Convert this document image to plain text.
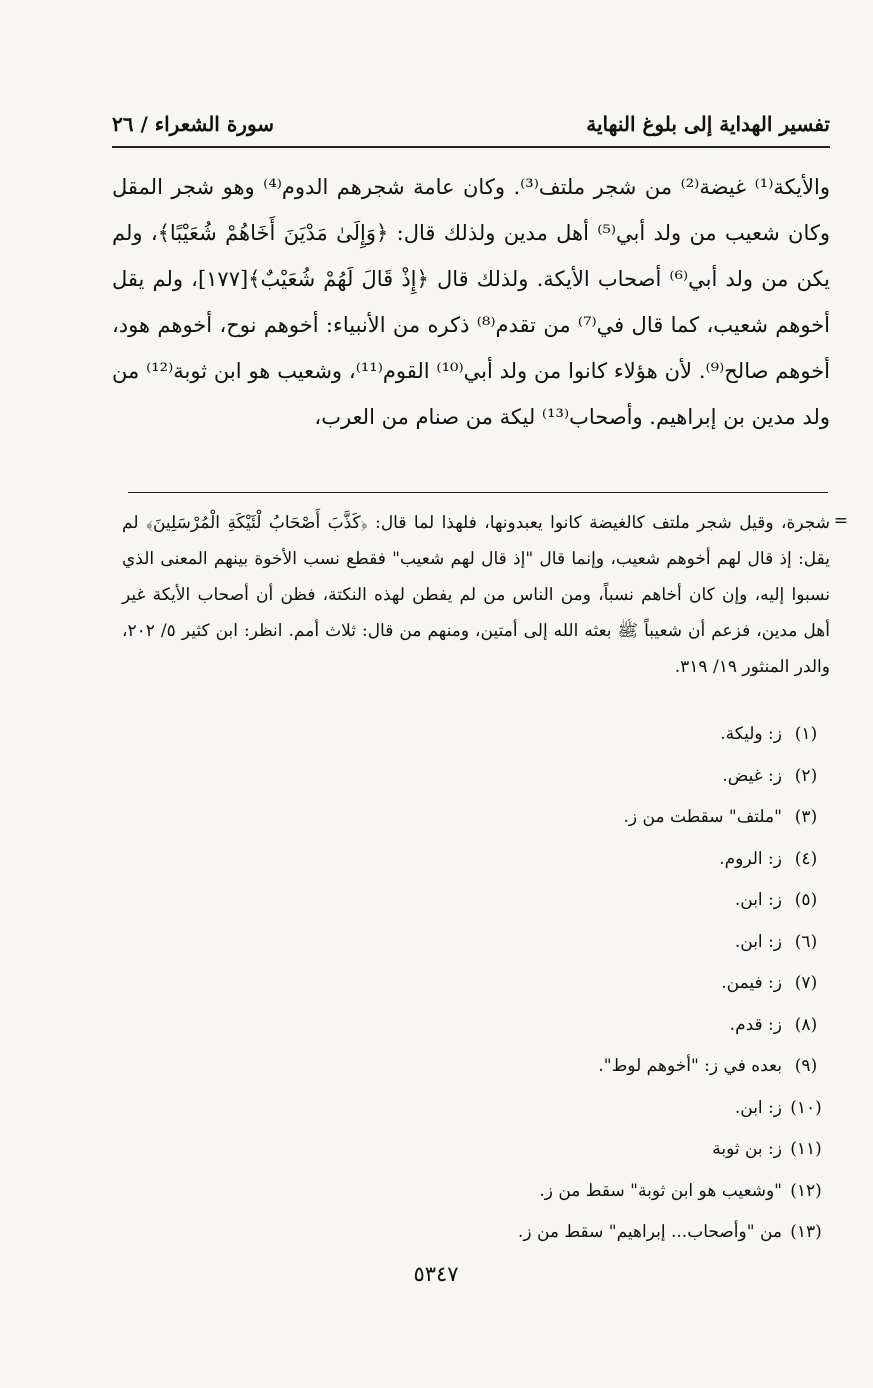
تفسير الهداية إلى بلوغ النهاية
سورة الشعراء / ٢٦

والأيكة⁽¹⁾ غيضة⁽²⁾ من شجر ملتف⁽³⁾. وكان عامة شجرهم الدوم⁽⁴⁾ وهو شجر المقل وكان شعيب من ولد أبي⁽⁵⁾ أهل مدين ولذلك قال: ﴿وَإِلَىٰ مَدْيَنَ أَخَاهُمْ شُعَيْبًا﴾، ولم يكن من ولد أبي⁽⁶⁾ أصحاب الأيكة. ولذلك قال ﴿إِذْ قَالَ لَهُمْ شُعَيْبٌ﴾[١٧٧]، ولم يقل أخوهم شعيب، كما قال في⁽⁷⁾ من تقدم⁽⁸⁾ ذكره من الأنبياء: أخوهم نوح، أخوهم هود، أخوهم صالح⁽⁹⁾. لأن هؤلاء كانوا من ولد أبي⁽¹⁰⁾ القوم⁽¹¹⁾، وشعيب هو ابن ثوبة⁽¹²⁾ من ولد مدين بن إبراهيم. وأصحاب⁽¹³⁾ ليكة من صنام من العرب،

=
شجرة، وقيل شجر ملتف كالغيضة كانوا يعبدونها، فلهذا لما قال: ﴿كَذَّبَ أَصْحَابُ لْئَيْكَةِ الْمُرْسَلِينَ﴾ لم يقل: إذ قال لهم أخوهم شعيب، وإنما قال "إذ قال لهم شعيب" فقطع نسب الأخوة بينهم المعنى الذي نسبوا إليه، وإن كان أخاهم نسباً، ومن الناس من لم يفطن لهذه النكتة، فظن أن أصحاب الأيكة غير أهل مدين، فزعم أن شعيباً ﷺ بعثه الله إلى أمتين، ومنهم من قال: ثلاث أمم. انظر: ابن كثير ٥/ ٢٠٢، والدر المنثور ١٩/ ٣١٩.
(١)
ز: وليكة.
(٢)
ز: غيض.
(٣)
"ملتف" سقطت من ز.
(٤)
ز: الروم.
(٥)
ز: ابن.
(٦)
ز: ابن.
(٧)
ز: فيمن.
(٨)
ز: قدم.
(٩)
بعده في ز: "أخوهم لوط".
(١٠)
ز: ابن.
(١١)
ز: بن ثوبة
(١٢)
"وشعيب هو ابن ثوبة" سقط من ز.
(١٣)
من "وأصحاب... إبراهيم" سقط من ز.
٥٣٤٧
